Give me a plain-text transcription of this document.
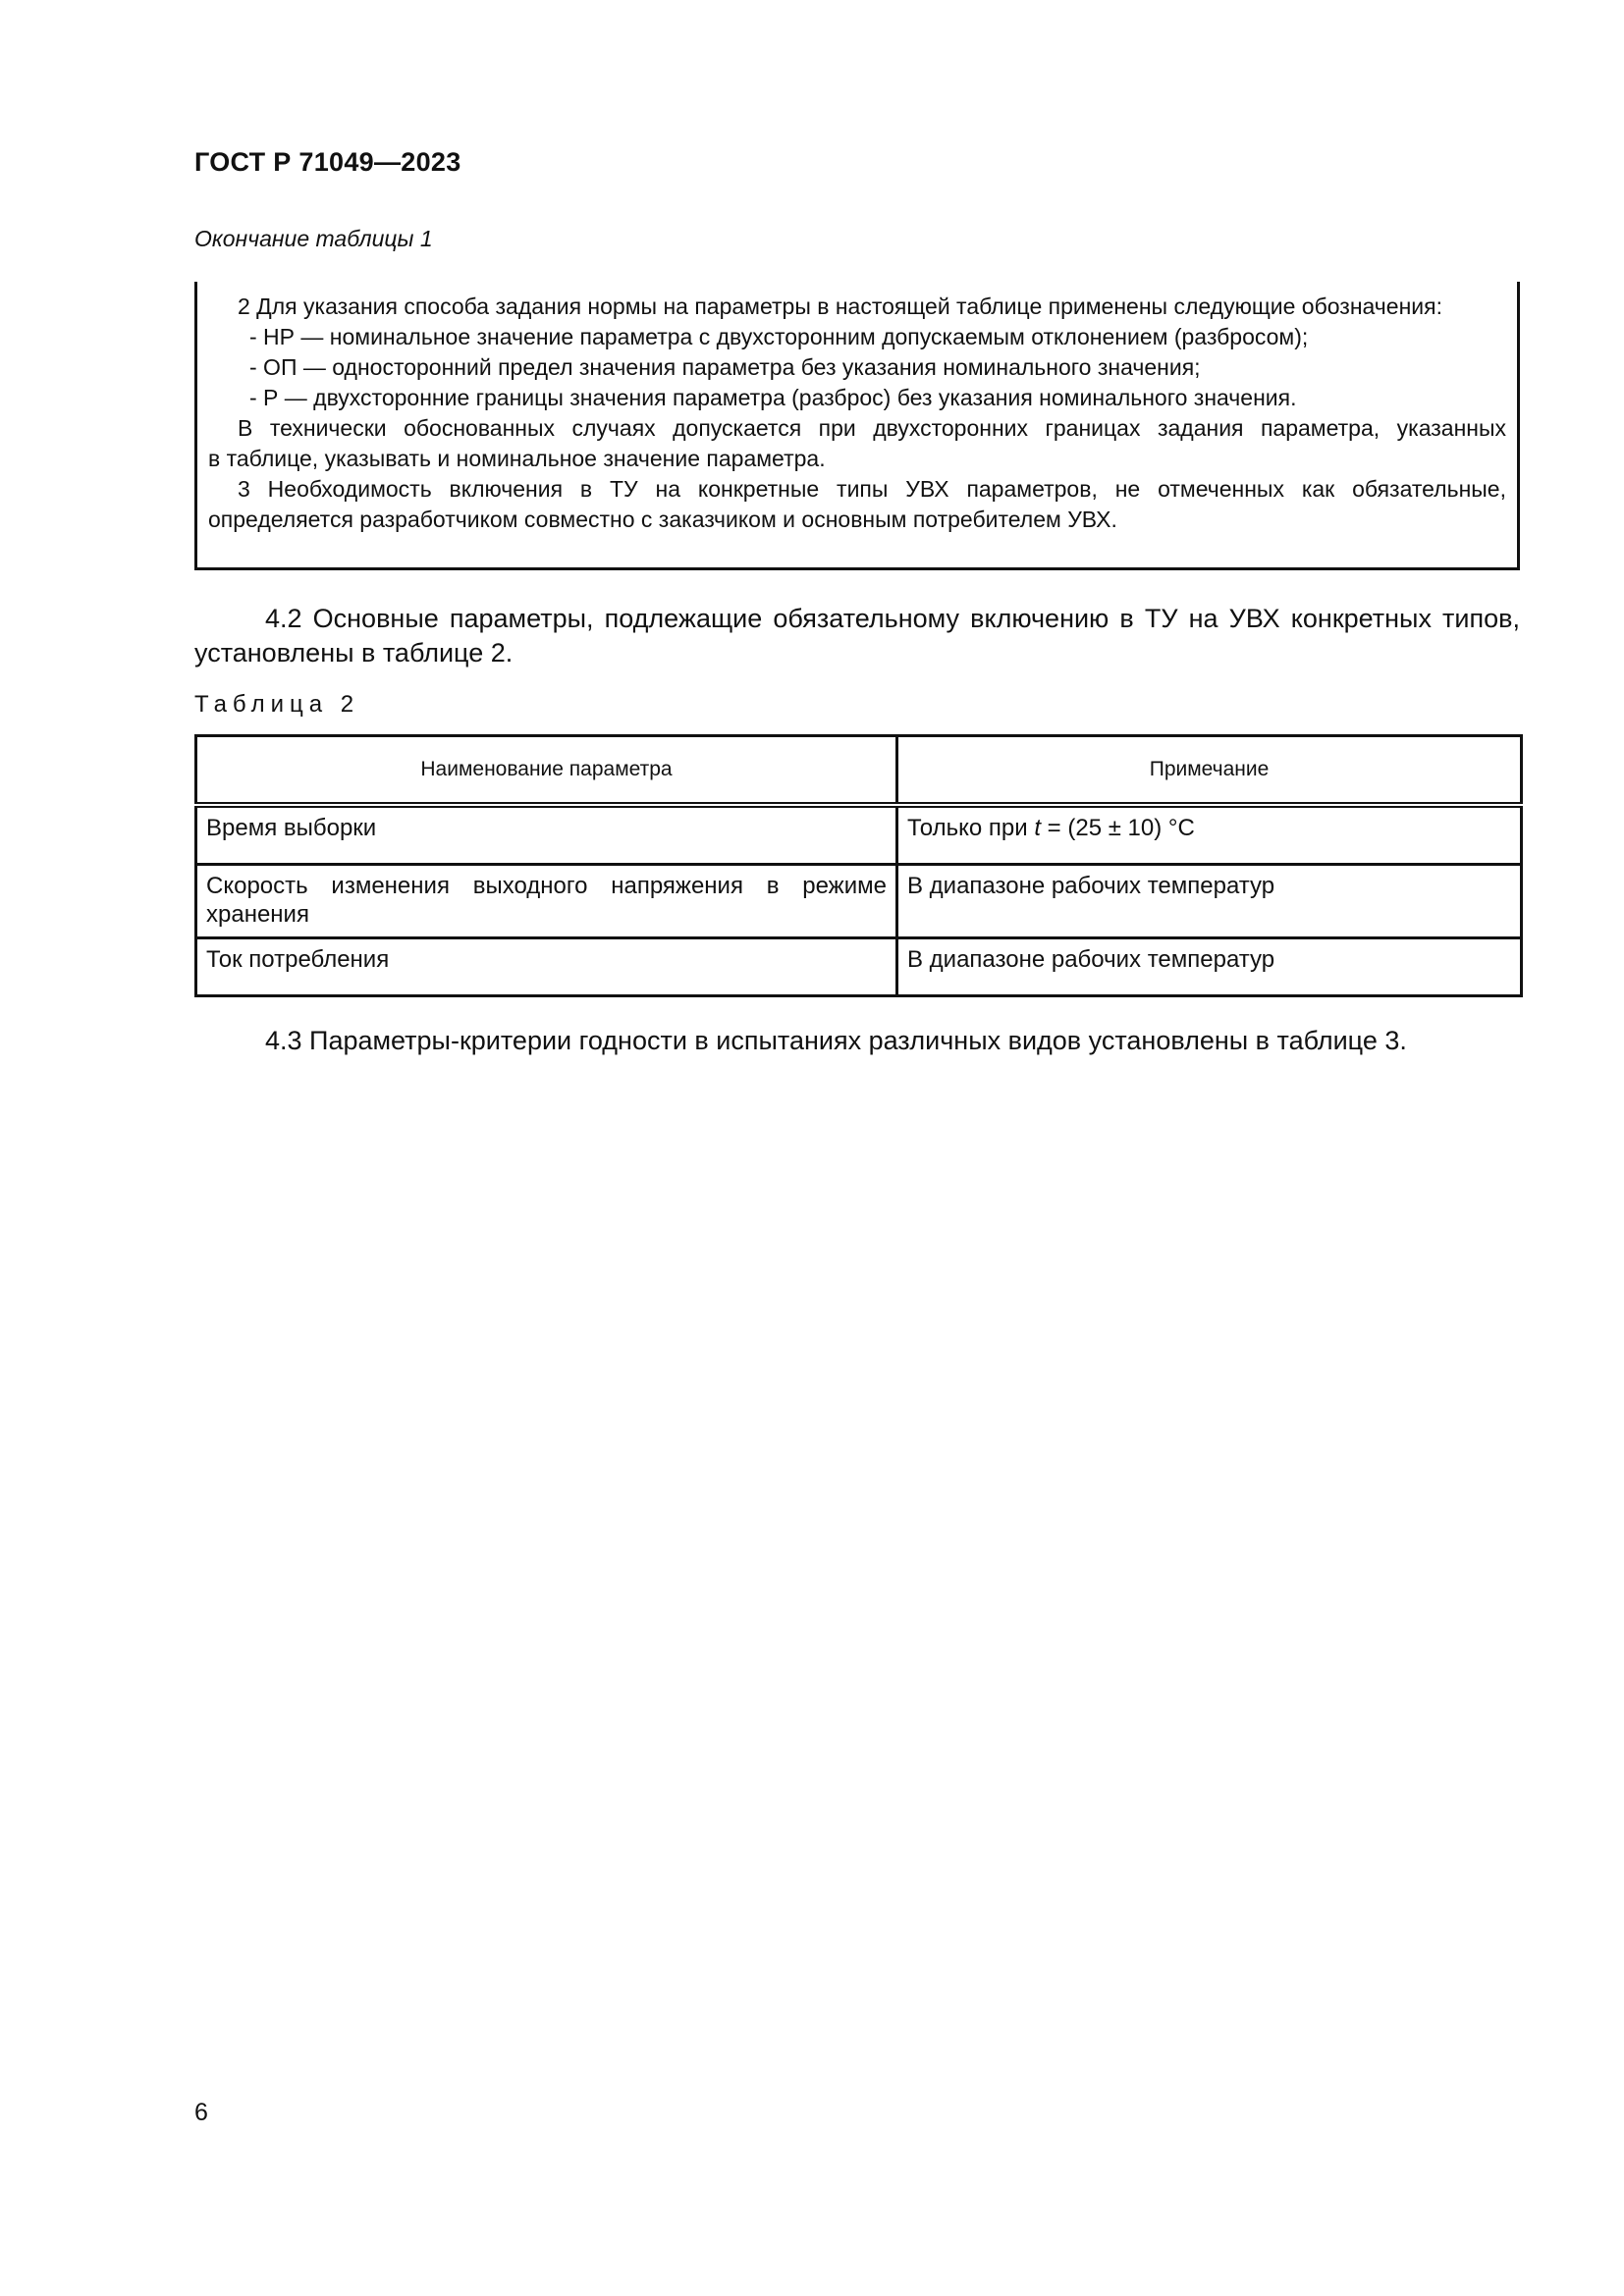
ГОСТ Р 71049—2023
Окончание таблицы 1
2 Для указания способа задания нормы на параметры в настоящей таблице применены следующие обозначения:
- НР — номинальное значение параметра с двухсторонним допускаемым отклонением (разбросом);
- ОП — односторонний предел значения параметра без указания номинального значения;
- Р — двухсторонние границы значения параметра (разброс) без указания номинального значения.
В технически обоснованных случаях допускается при двухсторонних границах задания параметра, указанных
в таблице, указывать и номинальное значение параметра.
3 Необходимость включения в ТУ на конкретные типы УВХ параметров, не отмеченных как обязательные, определяется разработчиком совместно с заказчиком и основным потребителем УВХ.
4.2 Основные параметры, подлежащие обязательному включению в ТУ на УВХ конкретных типов, установлены в таблице 2.
Таблица 2
Наименование параметра	Примечание
Время выборки	Только при t = (25 ± 10) °С
Скорость изменения выходного напряжения в режиме хранения	В диапазоне рабочих температур
Ток потребления	В диапазоне рабочих температур
4.3 Параметры-критерии годности в испытаниях различных видов установлены в таблице 3.
6
